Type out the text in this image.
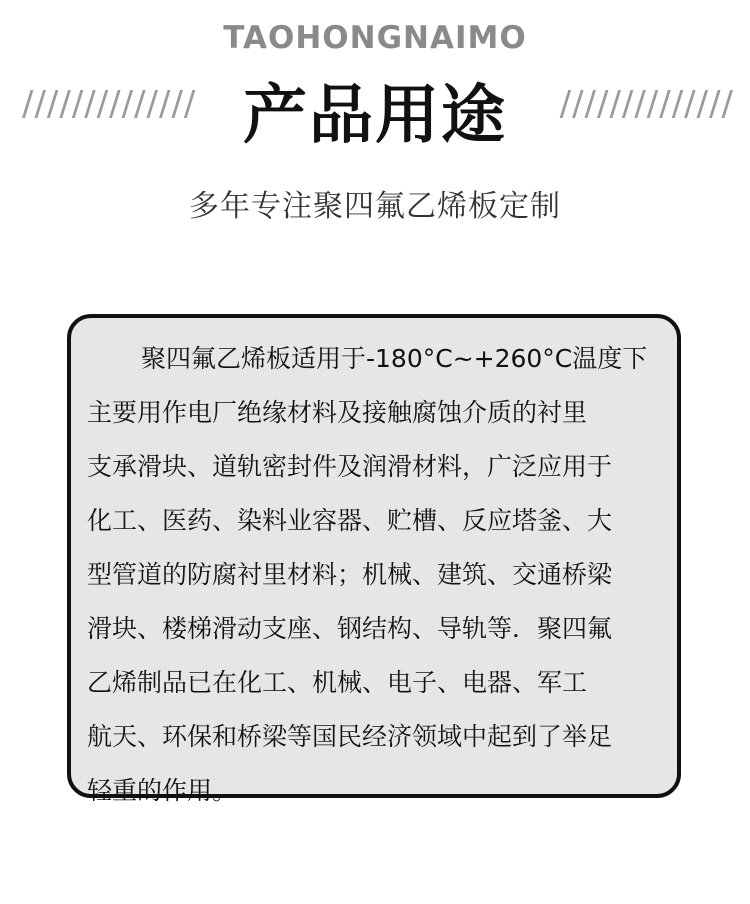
TAOHONGNAIMO
////////////// 产品用途	//////////////
多年专注聚四氟乙烯板定制
聚四氟乙烯板适用于-180°C~+260°C温度下
主要用作电厂绝缘材料及接触腐蚀介质的衬里
支承滑块、道轨密封件及润滑材料，广泛应用于
化工、医药、染料业容器、贮槽、反应塔釜、大
型管道的防腐衬里材料；机械、建筑、交通桥梁
滑块、楼梯滑动支座、钢结构、导轨等．聚四氟
乙烯制品已在化工、机械、电子、电器、军工
航天、环保和桥梁等国民经济领域中起到了举足
轻重的作用。
